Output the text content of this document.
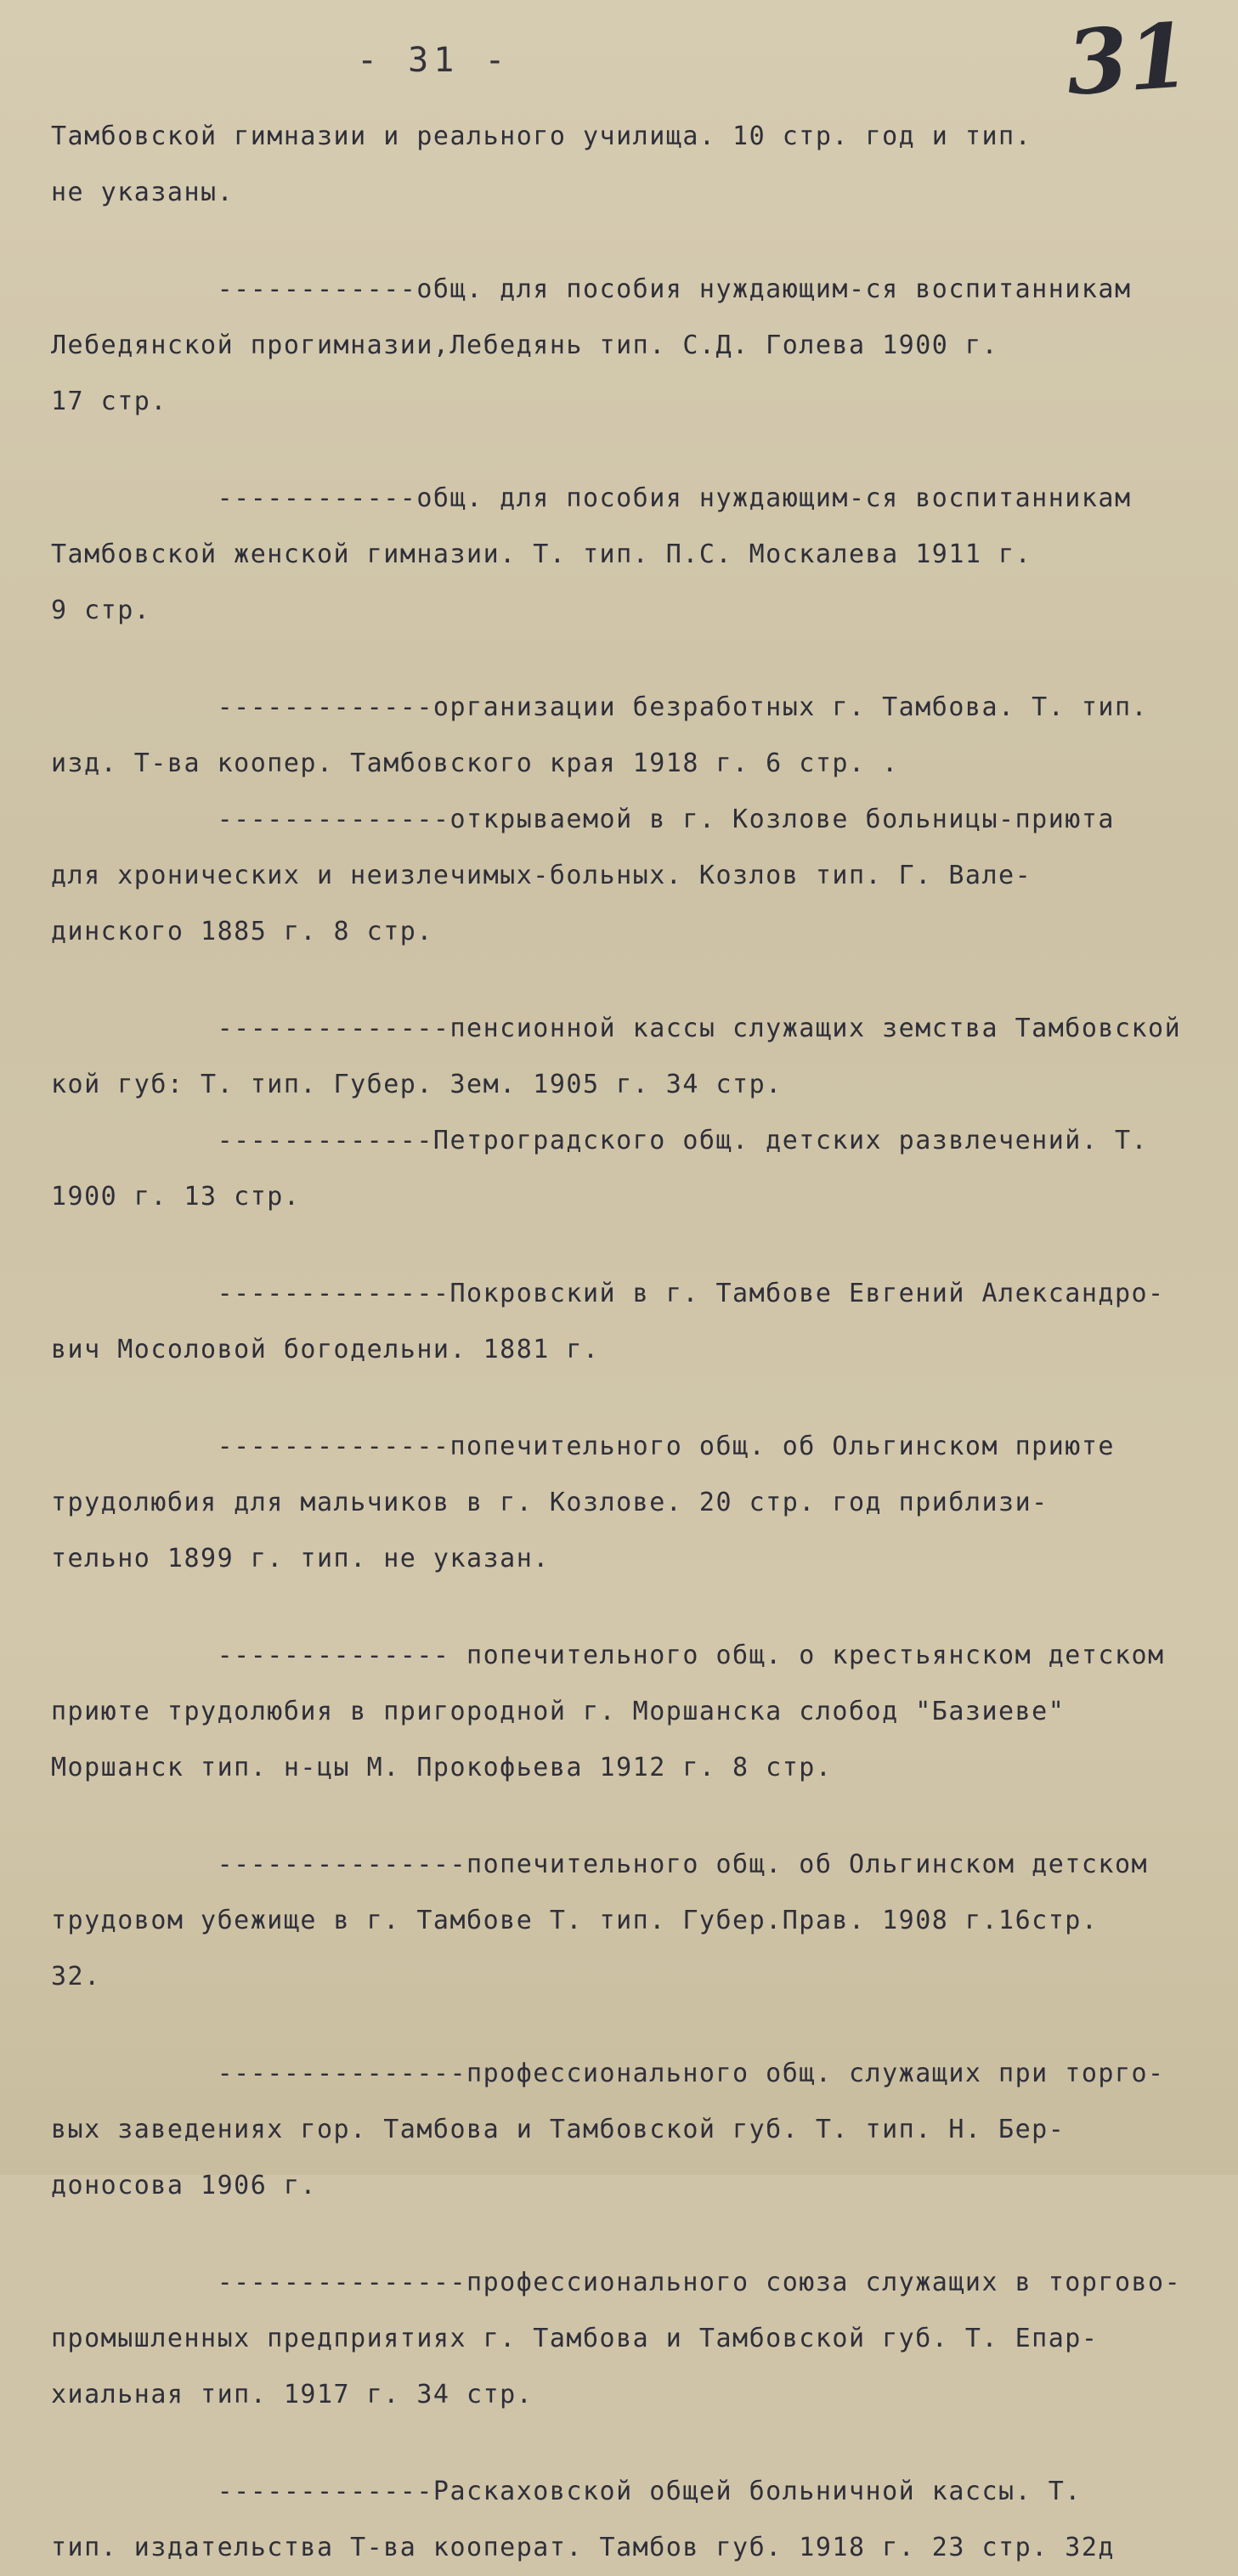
- 31 -	31
Тамбовской гимназии и реального училища. 10 стр. год и тип.
не указаны.
------------общ. для пособия нуждающим-ся воспитанникам
Лебедянской прогимназии,Лебедянь тип. С.Д. Голева 1900 г.
17 стр.
------------общ. для пособия нуждающим-ся воспитанникам
Тамбовской женской гимназии. Т. тип. П.С. Москалева 1911 г.
9 стр.
-------------организации безработных г. Тамбова. Т. тип.
изд. Т-ва коопер. Тамбовского края 1918 г. 6 стр. .
--------------открываемой в г. Козлове больницы-приюта
для хронических и неизлечимых-больных. Козлов тип. Г. Вале-
динского 1885 г. 8 стр.
--------------пенсионной кассы служащих земства Тамбовской
кой губ: Т. тип. Губер. Зем. 1905 г. 34 стр.
-------------Петроградского общ. детских развлечений. Т.
1900 г. 13 стр.
--------------Покровский в г. Тамбове Евгений Александро-
вич Мосоловой богодельни. 1881 г.
--------------попечительного общ. об Ольгинском приюте
трудолюбия для мальчиков в г. Козлове. 20 стр. год приблизи-
тельно 1899 г. тип. не указан.
-------------- попечительного общ. о крестьянском детском
приюте трудолюбия в пригородной г. Моршанска слобод "Базиеве"
Моршанск тип. н-цы М. Прокофьева 1912 г. 8 стр.
---------------попечительного общ. об Ольгинском детском
трудовом убежище в г. Тамбове Т. тип. Губер.Прав. 1908 г.16стр.
32.
---------------профессионального общ. служащих при торго-
вых заведениях гор. Тамбова и Тамбовской губ. Т. тип. Н. Бер-
доносова 1906 г.
---------------профессионального союза служащих в торгово-
промышленных предприятиях г. Тамбова и Тамбовской губ. Т. Епар-
хиальная тип. 1917 г. 34 стр.
-------------Раскаховской общей больничной кассы. Т.
тип. издательства Т-ва кооперат. Тамбов губ. 1918 г. 23 стр. 32д
